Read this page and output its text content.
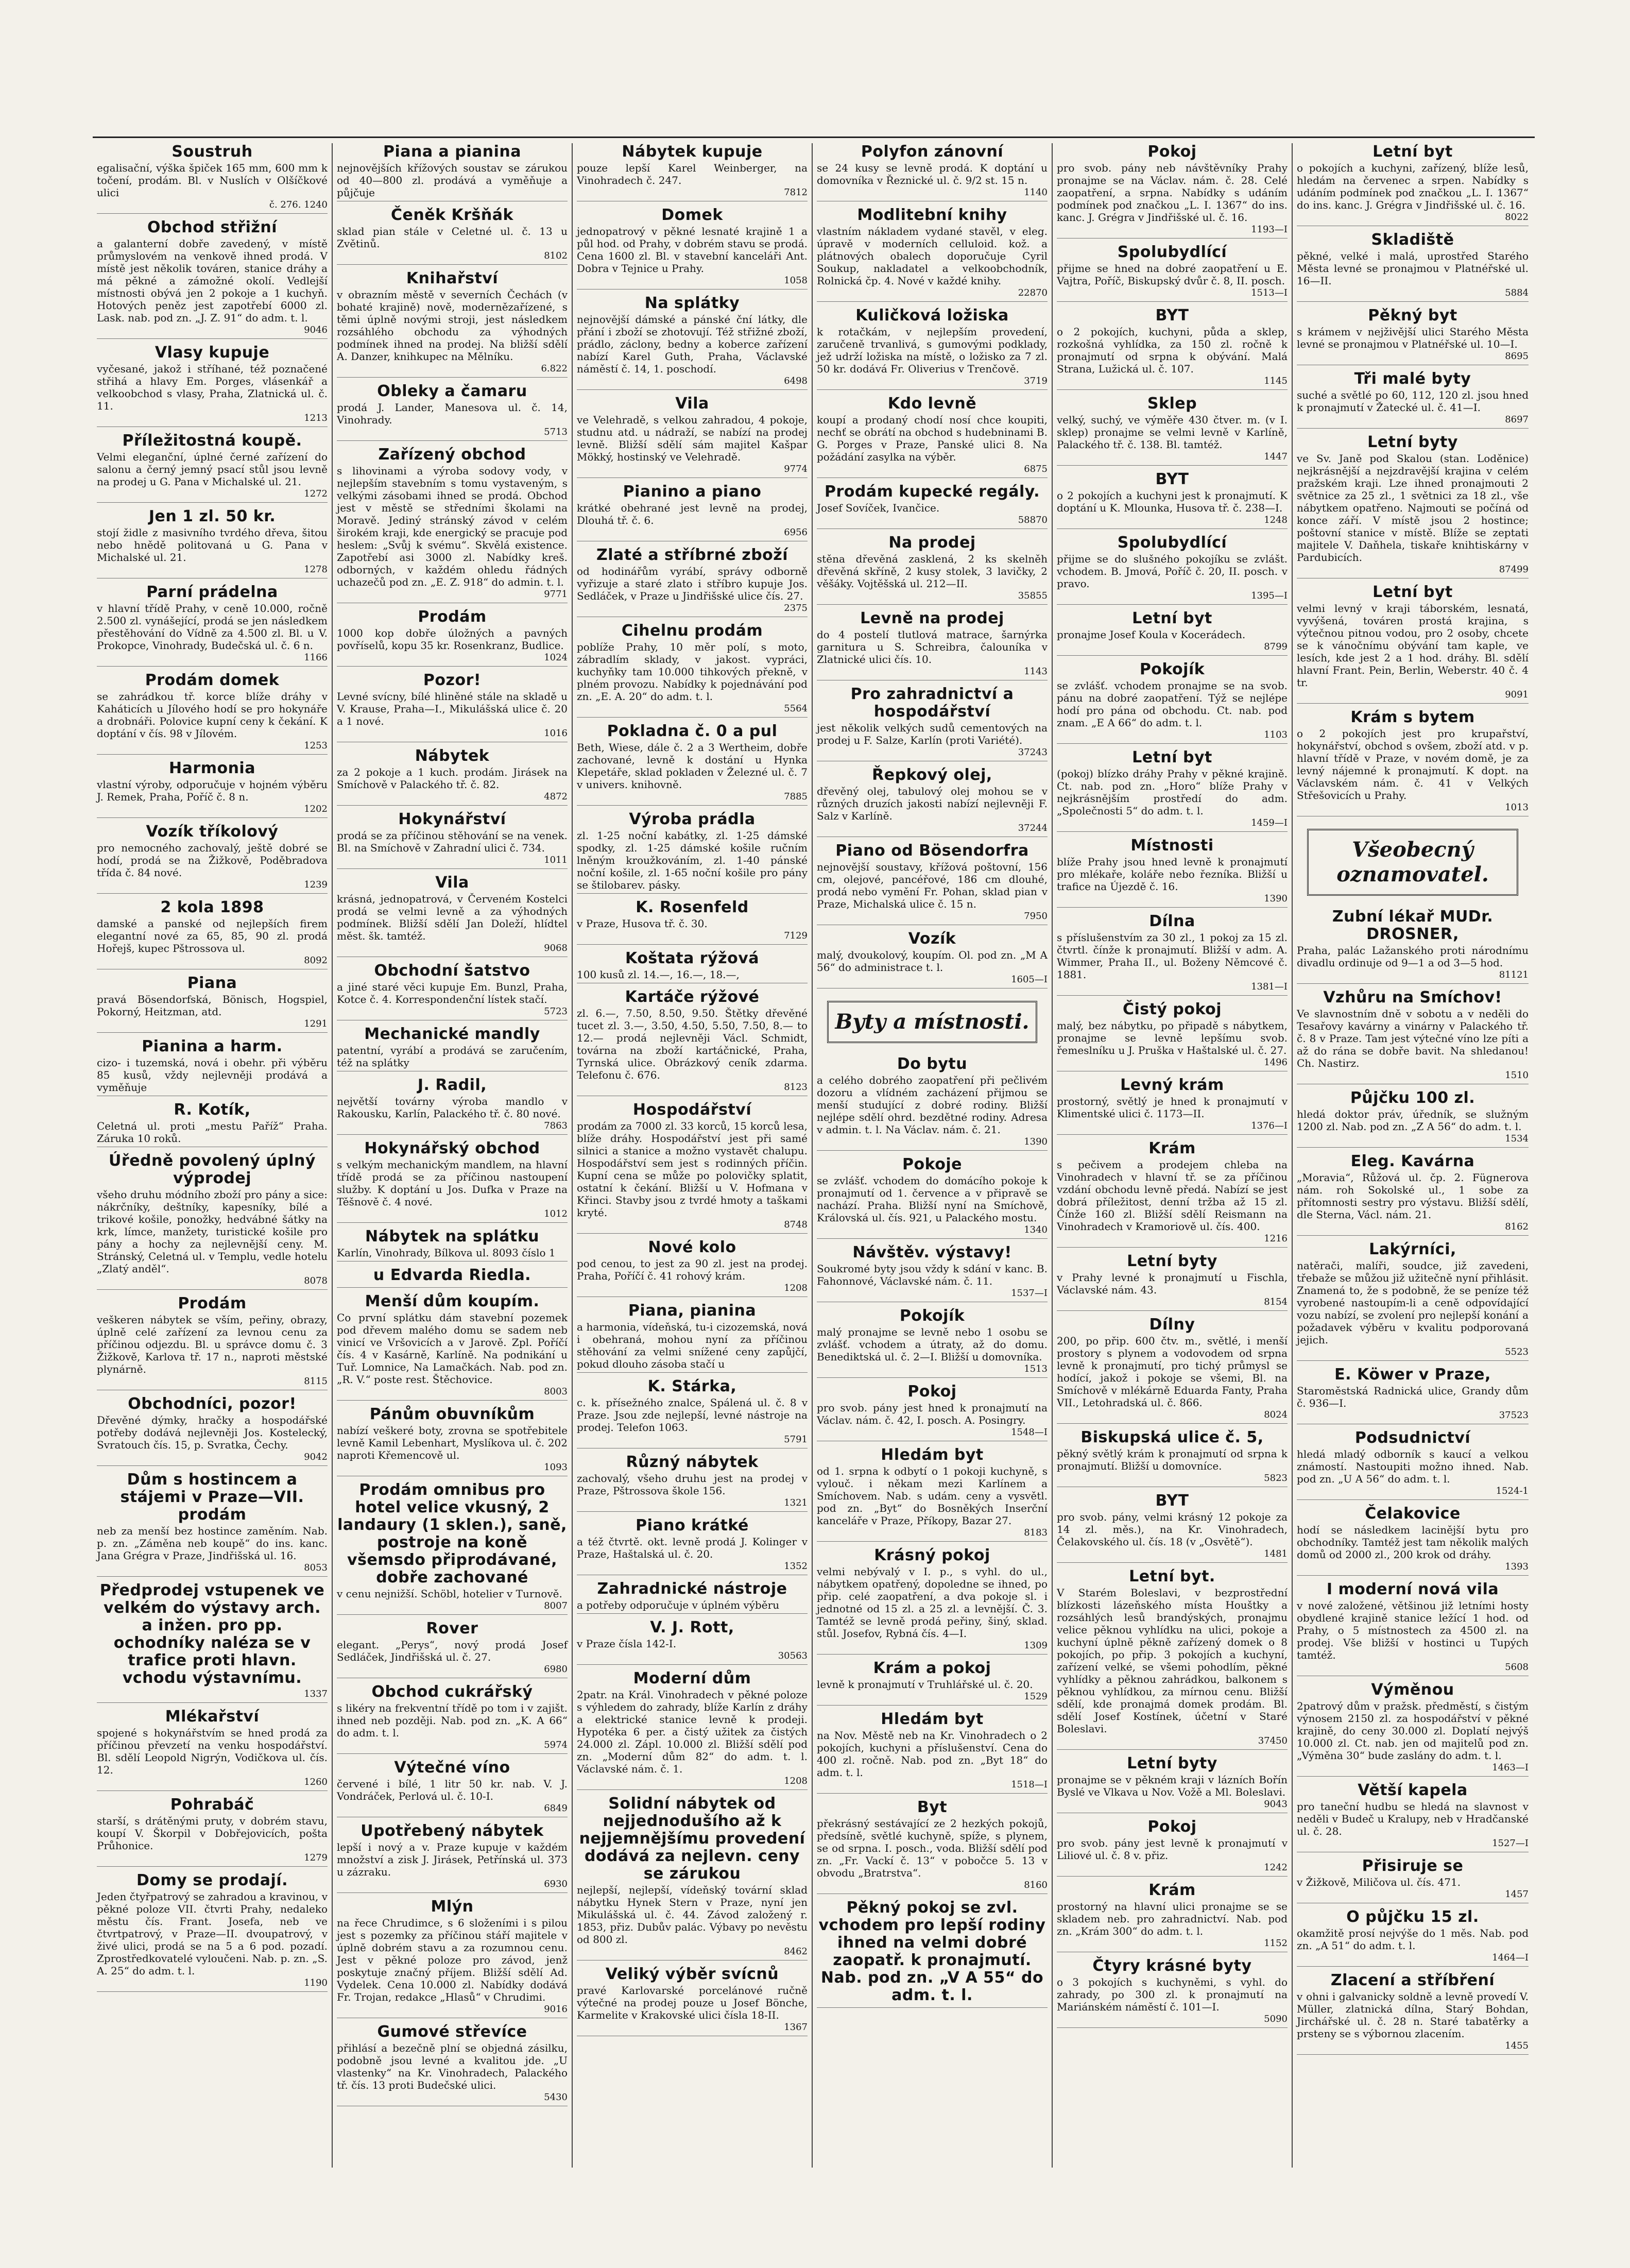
Soustruh

egalisační, výška špiček 165 mm, 600 mm k točení, prodám. Bl. v Nuslích v Olšíčkové ulici

č. 276. 1240
Obchod střižní

a galanterní dobře zavedený, v místě průmyslovém na venkově ihned prodá. V místě jest několik továren, stanice dráhy a má pěkné a zámožné okolí. Vedlejší místnosti obývá jen 2 pokoje a 1 kuchyň. Hotových peněz jest zapotřebí 6000 zl. Lask. nab. pod zn. „J. Z. 91“ do adm. t. l.

9046
Vlasy kupuje

vyčesané, jakož i stříhané, též poznačené střihá a hlavy Em. Porges, vlásenkář a velkoobchod s vlasy, Praha, Zlatnická ul. č. 11.

1213
Příležitostná koupě.

Velmi eleganční, úplné černé zařízení do salonu a černý jemný psací stůl jsou levně na prodej u G. Pana v Michalské ul. 21.

1272
Jen 1 zl. 50 kr.

stojí židle z masivního tvrdého dřeva, šitou nebo hnědě politovaná u G. Pana v Michalské ul. 21.

1278
Parní prádelna

v hlavní třídě Prahy, v ceně 10.000, ročně 2.500 zl. vynášející, prodá se jen následkem přestěhování do Vídně za 4.500 zl. Bl. u V. Prokopce, Vinohrady, Budečská ul. č. 6 n.

1166
Prodám domek

se zahrádkou tř. korce blíže dráhy v Kaháticích u Jílového hodí se pro hokynáře a drobnáři. Polovice kupní ceny k čekání. K doptání v čís. 98 v Jílovém.

1253
Harmonia

vlastní výroby, odporučuje v hojném výběru J. Remek, Praha, Poříč č. 8 n.

1202
Vozík tříkolový

pro nemocného zachovalý, ještě dobré se hodí, prodá se na Žižkově, Poděbradova třída č. 84 nové.

1239
2 kola 1898

damské a panské od nejlepších firem elegantní nové za 65, 85, 90 zl. prodá Hořejš, kupec Pštrossova ul.

8092
Piana

pravá Bösendorfská, Bönisch, Hogspiel, Pokorný, Heitzman, atd.

1291
Pianina a harm.

cizo- i tuzemská, nová i obehr. při výběru 85 kusů, vždy nejlevněji prodává a vyměňuje

R. Kotík,

Celetná ul. proti „mestu Paříž“ Praha. Záruka 10 roků.

Úředně povolený úplný výprodej

všeho druhu módního zboží pro pány a sice: nákrčníky, deštníky, kapesníky, bílé a trikové košile, ponožky, hedvábné šátky na krk, límce, manžety, turistické košile pro pány a hochy za nejlevnější ceny. M. Stránský, Celetná ul. v Templu, vedle hotelu „Zlatý anděl“.

8078
Prodám

veškeren nábytek se vším, peřiny, obrazy, úplně celé zařízení za levnou cenu za příčinou odjezdu. Bl. u správce domu č. 3 Žižkově, Karlova tř. 17 n., naproti městské plynárně.

8115
Obchodníci, pozor!

Dřevěné dýmky, hračky a hospodářské potřeby dodává nejlevněji Jos. Kostelecký, Svratouch čís. 15, p. Svratka, Čechy.

9042
Dům s hostincem a stájemi v Praze—VII. prodám

neb za menší bez hostince zaměním. Nab. p. zn. „Záměna neb koupě“ do ins. kanc. Jana Grégra v Praze, Jindřišská ul. 16.

8053
Předprodej vstupenek ve velkém do výstavy arch. a inžen. pro pp. ochodníky naléza se v trafice proti hlavn. vchodu výstavnímu.
1337
Mlékařství

spojené s hokynářstvím se hned prodá za příčinou převzetí na venku hospodářství. Bl. sdělí Leopold Nigrýn, Vodičkova ul. čís. 12.

1260
Pohrabáč

starší, s drátěnými pruty, v dobrém stavu, koupí V. Škorpil v Dobřejovicích, pošta Průhonice.

1279
Domy se prodají.

Jeden čtyřpatrový se zahradou a kravinou, v pěkné poloze VII. čtvrti Prahy, nedaleko městu čís. Frant. Josefa, neb ve čtvrtpatrový, v Praze—II. dvoupatrový, v živé ulici, prodá se na 5 a 6 pod. pozadí. Zprostředkovatelé vyloučeni. Nab. p. zn. „S. A. 25“ do adm. t. l.

1190
Piana a pianina

nejnovějších křížových soustav se zárukou od 40—800 zl. prodává a vyměňuje a půjčuje

Čeněk Kršňák

sklad pian stále v Celetné ul. č. 13 u Zvětinů.

8102
Knihařství

v obrazním městě v severních Čechách (v bohaté krajině) nově, modernězařízené, s těmi úplně novými stroji, jest následkem rozsáhlého obchodu za výhodných podmínek ihned na prodej. Na bližší sdělí A. Danzer, knihkupec na Mělníku.

6.822
Obleky a čamaru

prodá J. Lander, Manesova ul. č. 14, Vinohrady.

5713
Zařízený obchod

s lihovinami a výroba sodovy vody, v nejlepším stavebním s tomu vystaveným, s velkými zásobami ihned se prodá. Obchod jest v městě se středními školami na Moravě. Jediný stránský závod v celém širokém kraji, kde energický se pracuje pod heslem: „Svůj k svému“. Skvělá existence. Zapotřebí asi 3000 zl. Nabídky kreš. odborných, v každém ohledu řádných uchazečů pod zn. „E. Z. 918“ do admin. t. l.

9771
Prodám

1000 kop dobře úložných a pavných povříselů, kopu 35 kr. Rosenkranz, Budlice.

1024
Pozor!

Levné svícny, bílé hliněné stále na skladě u V. Krause, Praha—I., Mikulášská ulice č. 20 a 1 nové.

1016
Nábytek

za 2 pokoje a 1 kuch. prodám. Jirásek na Smíchově v Palackého tř. č. 82.

4872
Hokynářství

prodá se za příčinou stěhování se na venek. Bl. na Smíchově v Zahradní ulici č. 734.

1011
Vila

krásná, jednopatrová, v Červeném Kostelci prodá se velmi levně a za výhodných podmínek. Bližší sdělí Jan Doleží, hlídtel měst. šk. tamtéž.

9068
Obchodní šatstvo

a jiné staré věci kupuje Em. Bunzl, Praha, Kotce č. 4. Korrespondenční lístek stačí.

5723
Mechanické mandly

patentní, vyrábí a prodává se zaručením, též na splátky

J. Radil,

největší továrny výroba mandlo v Rakousku, Karlín, Palackého tř. č. 80 nové.

7863
Hokynářský obchod

s velkým mechanickým mandlem, na hlavní třídě prodá se za příčinou nastoupení služby. K doptání u Jos. Dufka v Praze na Těšnově č. 4 nové.

1012
Nábytek na splátku

Karlín, Vinohrady, Bílkova ul. 8093 číslo 1

u Edvarda Riedla.
Menší dům koupím.

Co první splátku dám stavební pozemek pod dřevem malého domu se sadem neb vinicí ve Vršovicích a v Jarově. Zpl. Poříčí čís. 4 v Kasárně, Karlíně. Na podnikání u Tuř. Lomnice, Na Lamačkách. Nab. pod zn. „R. V.“ poste rest. Štěchovice.

8003
Pánům obuvníkům

nabízí veškeré boty, zrovna se spotřebitele levně Kamil Lebenhart, Myslíkova ul. č. 202 naproti Křemencově ul.

1093
Prodám omnibus pro hotel velice vkusný, 2 landaury (1 sklen.), saně, postroje na koně všemsdo připrodávané, dobře zachované

v cenu nejnižší. Schöbl, hotelier v Turnově.

8007
Rover

elegant. „Perys“, nový prodá Josef Sedláček, Jindřišská ul. č. 27.

6980
Obchod cukrářský

s likéry na frekventní třídě po tom i v zajišt. ihned neb později. Nab. pod zn. „K. A 66“ do adm. t. l.

5974
Výtečné víno

červené i bílé, 1 litr 50 kr. nab. V. J. Vondráček, Perlová ul. č. 10-I.

6849
Upotřebený nábytek

lepší i nový a v. Praze kupuje v každém množství a zisk J. Jirásek, Petřínská ul. 373 u zázraku.

6930
Mlýn

na řece Chrudimce, s 6 složeními i s pilou jest s pozemky za příčinou stáří majitele v úplně dobrém stavu a za rozumnou cenu. Jest v pěkné poloze pro závod, jenž poskytuje značný příjem. Bližší sdělí Ad. Vydelek. Cena 10.000 zl. Nabídky dodává Fr. Trojan, redakce „Hlasů“ v Chrudimi.

9016
Gumové střevíce

přihlásí a bezečně plní se objedná zásilku, podobně jsou levné a kvalitou jde. „U vlastenky“ na Kr. Vinohradech, Palackého tř. čís. 13 proti Budečské ulici.

5430
Nábytek kupuje

pouze lepší Karel Weinberger, na Vinohradech č. 247.

7812
Domek

jednopatrový v pěkné lesnaté krajině 1 a půl hod. od Prahy, v dobrém stavu se prodá. Cena 1600 zl. Bl. v stavební kanceláři Ant. Dobra v Tejnice u Prahy.

1058
Na splátky

nejnovější dámské a pánské ční látky, dle přání i zboží se zhotovují. Též střižné zboží, prádlo, záclony, bedny a koberce zařízení nabízí Karel Guth, Praha, Václavské náměstí č. 14, 1. poschodí.

6498
Vila

ve Velehradě, s velkou zahradou, 4 pokoje, studnu atd. u nádraží, se nabízí na prodej levně. Bližší sdělí sám majitel Kašpar Mökký, hostinský ve Velehradě.

9774
Pianino a piano

krátké obehrané jest levně na prodej, Dlouhá tř. č. 6.

6956
Zlaté a stříbrné zboží

od hodinářům vyrábí, správy odborně vyřizuje a staré zlato i stříbro kupuje Jos. Sedláček, v Praze u Jindřišské ulice čís. 27.

2375
Cihelnu prodám

poblíže Prahy, 10 měr polí, s moto, zábradlím sklady, v jakost. vypráci, kuchyňky tam 10.000 tihkových překně, v plném provozu. Nabídky k pojednávání pod zn. „E. A. 20“ do adm. t. l.

5564
Pokladna č. 0 a pul

Beth, Wiese, dále č. 2 a 3 Wertheim, dobře zachované, levně k dostání u Hynka Klepetáře, sklad pokladen v Železné ul. č. 7 v univers. knihovně.

7885
Výroba prádla

zl. 1-25 noční kabátky, zl. 1-25 dámské spodky, zl. 1-25 dámské košile ručním lněným kroužkováním, zl. 1-40 pánské noční košile, zl. 1-65 noční košile pro pány se štilobarev. pásky.

K. Rosenfeld

v Praze, Husova tř. č. 30.

7129
Koštata rýžová

100 kusů zl. 14.—, 16.—, 18.—,

Kartáče rýžové

zl. 6.—, 7.50, 8.50, 9.50. Štětky dřevěné tucet zl. 3.—, 3.50, 4.50, 5.50, 7.50, 8.— to 12.— prodá nejlevněji Václ. Schmidt, továrna na zboží kartáčnické, Praha, Tyrnská ulice. Obrázkový ceník zdarma. Telefonu č. 676.

8123
Hospodářství

prodám za 7000 zl. 33 korců, 15 korců lesa, blíže dráhy. Hospodářství jest při samé silnici a stanice a možno vystavět chalupu. Hospodářství sem jest s rodinných příčin. Kupní cena se může po polovičky splatit, ostatní k čekání. Bližší u V. Hofmana v Křinci. Stavby jsou z tvrdé hmoty a taškami kryté.

8748
Nové kolo

pod cenou, to jest za 90 zl. jest na prodej. Praha, Poříčí č. 41 rohový krám.

1208
Piana, pianina

a harmonia, vídeňská, tu-i cizozemská, nová i obehraná, mohou nyní za příčinou stěhování za velmi snížené ceny zapůjčí, pokud dlouho zásoba stačí u

K. Stárka,

c. k. přísežného znalce, Spálená ul. č. 8 v Praze. Jsou zde nejlepší, levné nástroje na prodej. Telefon 1063.

5791
Různý nábytek

zachovalý, všeho druhu jest na prodej v Praze, Pštrossova škole 156.

1321
Piano krátké

a též čtvrtě. okt. levně prodá J. Kolinger v Praze, Haštalská ul. č. 20.

1352
Zahradnické nástroje

a potřeby odporučuje v úplném výběru

V. J. Rott,

v Praze čísla 142-I.

30563
Moderní dům

2patr. na Král. Vinohradech v pěkné poloze s výhledem do zahrady, blíže Karlín z dráhy a elektrické stanice levně k prodeji. Hypotéka 6 per. a čistý užitek za čistých 24.000 zl. Zápl. 10.000 zl. Bližší sdělí pod zn. „Moderní dům 82“ do adm. t. l. Václavské nám. č. 1.

1208
Solidní nábytek od nejjednodušího až k nejjemnějšímu provedení dodává za nejlevn. ceny se zárukou

nejlepší, nejlepší, vídeňský tovární sklad nábytku Hynek Stern v Praze, nyní jen Mikulášská ul. č. 44. Závod založený r. 1853, přiz. Dubův palác. Výbavy po nevěstu od 800 zl.

8462
Veliký výběr svícnů

pravé Karlovarské porcelánové ručně výtečné na prodej pouze u Josef Bönche, Karmelite v Krakovské ulici čísla 18-II.

1367
Polyfon zánovní

se 24 kusy se levně prodá. K doptání u domovníka v Řeznické ul. č. 9/2 st. 15 n.

1140
Modlitební knihy

vlastním nákladem vydané stavěl, v eleg. úpravě v moderních celluloid. kož. a plátnových obalech doporučuje Cyril Soukup, nakladatel a velkoobchodník, Rolnická čp. 4. Nové v každé knihy.

22870
Kuličková ložiska

k rotačkám, v nejlepším provedení, zaručeně trvanlivá, s gumovými podklady, jež udrží ložiska na místě, o ložisko za 7 zl. 50 kr. dodává Fr. Oliverius v Trenčově.

3719
Kdo levně

koupí a prodaný chodí nosí chce koupiti, nechť se obrátí na obchod s hudebninami B. G. Porges v Praze, Panské ulici 8. Na požádání zasylka na výběr.

6875
Prodám kupecké regály.

Josef Sovíček, Ivančice.

58870
Na prodej

stěna dřevěná zasklená, 2 ks skelněh dřevěná skříně, 2 kusy stolek, 3 lavičky, 2 věšáky. Vojtěšská ul. 212—II.

35855
Levně na prodej

do 4 postelí tlutlová matrace, šarnýrka garnitura u S. Schreibra, čalouníka v Zlatnické ulici čís. 10.

1143
Pro zahradnictví a hospodářství

jest několik velkých sudů cementových na prodej u F. Salze, Karlín (proti Variété).

37243
Řepkový olej,

dřevěný olej, tabulový olej mohou se v různých druzích jakosti nabízí nejlevněji F. Salz v Karlíně.

37244
Piano od Bösendorfra

nejnovější soustavy, křížová poštovní, 156 cm, olejové, pancéřové, 186 cm dlouhé, prodá nebo vymění Fr. Pohan, sklad pian v Praze, Michalská ulice č. 15 n.

7950
Vozík

malý, dvoukolový, koupím. Ol. pod zn. „M A 56“ do administrace t. l.

1605—I
Byty a místnosti.
Do bytu

a celého dobrého zaopatření při pečlivém dozoru a vlídném zacházení přijmou se menší studující z dobré rodiny. Bližší nejlépe sdělí ohrd. bezdětné rodiny. Adresa v admin. t. l. Na Václav. nám. č. 21.

1390
Pokoje

se zvlášť. vchodem do domácího pokoje k pronajmutí od 1. července a v připravě se nachází. Praha. Bližší nyní na Smíchově, Královská ul. čís. 921, u Palackého mostu.

1340
Návštěv. výstavy!

Soukromé byty jsou vždy k sdání v kanc. B. Fahonnové, Václavské nám. č. 11.

1537—I
Pokojík

malý pronajme se levně nebo 1 osobu se zvlášť. vchodem a útraty, až do domu. Benediktská ul. č. 2—I. Bližší u domovníka.

1513
Pokoj

pro svob. pány jest hned k pronajmutí na Václav. nám. č. 42, I. posch. A. Posingry.

1548—I
Hledám byt

od 1. srpna k odbytí o 1 pokoji kuchyně, s vylouč. i někam mezi Karlínem a Smíchovem. Nab. s udám. ceny a vysvětl. pod zn. „Byt“ do Bosněkých Inserční kanceláře v Praze, Příkopy, Bazar 27.

8183
Krásný pokoj

velmi nebývalý v I. p., s vyhl. do ul., nábytkem opatřený, dopoledne se ihned, po přip. celé zaopatření, a dva pokoje sl. i jednotné od 15 zl. a 25 zl. a levnější. Č. 3. Tamtéž se levně prodá peřiny, šiný, sklad. stůl. Josefov, Rybná čís. 4—I.

1309
Krám a pokoj

levně k pronajmutí v Truhlářské ul. č. 20.

1529
Hledám byt

na Nov. Městě neb na Kr. Vinohradech o 2 pokojích, kuchyni a příslušenství. Cena do 400 zl. ročně. Nab. pod zn. „Byt 18“ do adm. t. l.

1518—I
Byt

překrásný sestávající ze 2 hezkých pokojů, předsíně, světlé kuchyně, spíže, s plynem, se od srpna. I. posch., voda. Bližší sdělí pod zn. „Fr. Vackí č. 13“ v pobočce 5. 13 v obvodu „Bratrstva“.

8160
Pěkný pokoj se zvl. vchodem pro lepší rodiny ihned na velmi dobré zaopatř. k pronajmutí. Nab. pod zn. „V A 55“ do adm. t. l.
Pokoj

pro svob. pány neb návštěvníky Prahy pronajme se na Václav. nám. č. 28. Celé zaopatření, a srpna. Nabídky s udáním podmínek pod značkou „L. I. 1367“ do ins. kanc. J. Grégra v Jindřišské ul. č. 16.

1193—I
Spolubydlící

přijme se hned na dobré zaopatření u E. Vajtra, Poříč, Biskupský dvůr č. 8, II. posch.

1513—I
BYT

o 2 pokojích, kuchyni, půda a sklep, rozkošná vyhlídka, za 150 zl. ročně k pronajmutí od srpna k obývání. Malá Strana, Lužická ul. č. 107.

1145
Sklep

velký, suchý, ve výměře 430 čtver. m. (v I. sklep) pronajme se velmi levně v Karlíně, Palackého tř. č. 138. Bl. tamtéž.

1447
BYT

o 2 pokojích a kuchyni jest k pronajmutí. K doptání u K. Mlounka, Husova tř. č. 238—I.

1248
Spolubydlící

přijme se do slušného pokojíku se zvlášt. vchodem. B. Jmová, Poříč č. 20, II. posch. v pravo.

1395—I
Letní byt

pronajme Josef Koula v Kocerádech.

8799
Pokojík

se zvlášť. vchodem pronajme se na svob. pánu na dobré zaopatření. Týž se nejlépe hodí pro pána od obchodu. Ct. nab. pod znam. „E A 66“ do adm. t. l.

1103
Letní byt

(pokoj) blízko dráhy Prahy v pěkné krajině. Ct. nab. pod zn. „Horo“ blíže Prahy v nejkrásnějším prostředí do adm. „Společnosti 5“ do adm. t. l.

1459—I
Místnosti

blíže Prahy jsou hned levně k pronajmutí pro mlékaře, koláře nebo řezníka. Bližší u trafice na Újezdě č. 16.

1390
Dílna

s příslušenstvím za 30 zl., 1 pokoj za 15 zl. čtvrtl. čínže k pronajmutí. Bližší v adm. A. Wimmer, Praha II., ul. Boženy Němcové č. 1881.

1381—I
Čistý pokoj

malý, bez nábytku, po připadě s nábytkem, pronajme se levně lepšímu svob. řemeslníku u J. Pruška v Haštalské ul. č. 27.

1496
Levný krám

prostorný, světlý je hned k pronajmutí v Klimentské ulici č. 1173—II.

1376—I
Krám

s pečivem a prodejem chleba na Vinohradech v hlavní tř. se za příčinou vzdání obchodu levně předá. Nabízí se jest dobrá příležitost, denní tržba až 15 zl. Čínže 160 zl. Bližší sdělí Reismann na Vinohradech v Kramoriově ul. čís. 400.

1216
Letní byty

v Prahy levné k pronajmutí u Fischla, Václavské nám. 43.

8154
Dílny

200, po přip. 600 čtv. m., světlé, i menší prostory s plynem a vodovodem od srpna levně k pronajmutí, pro tichý průmysl se hodící, jakož i pokoje se všemi, Bl. na Smíchově v mlékárně Eduarda Fanty, Praha VII., Letohradská ul. č. 866.

8024
Biskupská ulice č. 5,

pěkný světlý krám k pronajmutí od srpna k pronajmutí. Bližší u domovníce.

5823
BYT

pro svob. pány, velmi krásný 12 pokoje za 14 zl. měs.), na Kr. Vinohradech, Čelakovského ul. čís. 18 (v „Osvětě“).

1481
Letní byt.

V Starém Boleslavi, v bezprostřední blízkosti lázeňského místa Houštky a rozsáhlých lesů brandýských, pronajmu velice pěknou vyhlídku na ulici, pokoje a kuchyní úplně pěkně zařízený domek o 8 pokojích, po přip. 3 pokojích a kuchyní, zařízení velké, se všemi pohodlím, pěkné vyhlídky a pěknou zahrádkou, balkonem s pěknou vyhlídkou, za mírnou cenu. Bližší sdělí, kde pronajmá domek prodám. Bl. sdělí Josef Kostínek, účetní v Staré Boleslavi.

37450
Letní byty

pronajme se v pěkném kraji v lázních Bořín Byslé ve Vlkava u Nov. Vožě a Ml. Boleslavi.

9043
Pokoj

pro svob. pány jest levně k pronajmutí v Liliové ul. č. 8 v. přiz.

1242
Krám

prostorný na hlavní ulici pronajme se se skladem neb. pro zahradnictví. Nab. pod zn. „Krám 300“ do adm. t. l.

1152
Čtyry krásné byty

o 3 pokojích s kuchyněmi, s vyhl. do zahrady, po 300 zl. k pronajmutí na Mariánském náměstí č. 101—I.

5090
Letní byt

o pokojích a kuchyni, zařízený, blíže lesů, hledám na červenec a srpen. Nabídky s udáním podmínek pod značkou „L. I. 1367“ do ins. kanc. J. Grégra v Jindřišské ul. č. 16.

8022
Skladiště

pěkné, velké i malá, uprostřed Starého Města levné se pronajmou v Platnéřské ul. 16—II.

5884
Pěkný byt

s krámem v nejživější ulici Starého Města levné se pronajmou v Platnéřské ul. 10—I.

8695
Tři malé byty

suché a světlé po 60, 112, 120 zl. jsou hned k pronajmutí v Žatecké ul. č. 41—I.

8697
Letní byty

ve Sv. Janě pod Skalou (stan. Loděnice) nejkrásnější a nejzdravější krajina v celém pražském kraji. Lze ihned pronajmouti 2 světnice za 25 zl., 1 světnici za 18 zl., vše nábytkem opatřeno. Najmouti se počíná od konce září. V místě jsou 2 hostince; poštovní stanice v místě. Blíže se zeptati majitele V. Daňhela, tiskaře knihtiskárny v Pardubicích.

87499
Letní byt

velmi levný v kraji táborském, lesnatá, vyvýšená, továren prostá krajina, s výtečnou pitnou vodou, pro 2 osoby, chcete se k vánočnímu obývání tam kaple, ve lesích, kde jest 2 a 1 hod. dráhy. Bl. sdělí hlavní Frant. Pein, Berlin, Weberstr. 40 č. 4 tr.

9091
Krám s bytem

o 2 pokojích jest pro krupařství, hokynářství, obchod s ovšem, zboží atd. v p. hlavní třídě v Praze, v novém domě, je za levný nájemné k pronajmutí. K dopt. na Václavském nám. č. 41 v Velkých Střešovicích u Prahy.

1013
Všeobecný oznamovatel.
Zubní lékař MUDr. DROSNER,

Praha, palác Lažanského proti národnímu divadlu ordinuje od 9—1 a od 3—5 hod.

81121
Vzhůru na Smíchov!

Ve slavnostním dně v sobotu a v neděli do Tesařovy kavárny a vinárny v Palackého tř. č. 8 v Praze. Tam jest výtečné víno lze píti a až do rána se dobře bavit. Na shledanou! Ch. Nastirz.

1510
Půjčku 100 zl.

hledá doktor práv, úředník, se služným 1200 zl. Nab. pod zn. „Z A 56“ do adm. t. l.

1534
Eleg. Kavárna

„Moravia“, Růžová ul. čp. 2. Fügnerova nám. roh Sokolské ul., 1 sobe za přítomnosti sestry pro výstavu. Bližší sdělí, dle Sterna, Václ. nám. 21.

8162
Lakýrníci,

natěrači, malíři, soudce, již zavedeni, třebaže se můžou již užitečně nyní přihlásit. Znamená to, že s podobně, že se peníze též vyrobené nastoupím-li a ceně odpovídající vozu nabízí, se zvolení pro nejlepší konání a požadavek výběru v kvalitu podporovaná jejich.

5523
E. Köwer v Praze,

Staroměstská Radnická ulice, Grandy dům č. 936—I.

37523
Podsudnictví

hledá mladý odborník s kaucí a velkou známostí. Nastoupiti možno ihned. Nab. pod zn. „U A 56“ do adm. t. l.

1524-1
Čelakovice

hodí se následkem lacinější bytu pro obchodníky. Tamtéž jest tam několik malých domů od 2000 zl., 200 krok od dráhy.

1393
I moderní nová vila

v nové založené, většinou již letními hosty obydlené krajině stanice ležící 1 hod. od Prahy, o 5 místnostech za 4500 zl. na prodej. Vše bližší v hostinci u Tupých tamtéž.

5608
Výměnou

2patrový dům v pražsk. předměstí, s čistým výnosem 2150 zl. za hospodářství v pěkné krajině, do ceny 30.000 zl. Doplatí nejvýš 10.000 zl. Ct. nab. jen od majitelů pod zn. „Výměna 30“ bude zaslány do adm. t. l.

1463—I
Větší kapela

pro taneční hudbu se hledá na slavnost v neděli v Budeč u Kralupy, neb v Hradčanské ul. č. 28.

1527—I
Přisiruje se

v Žižkově, Miličova ul. čís. 471.

1457
O půjčku 15 zl.

okamžitě prosí nejvýše do 1 měs. Nab. pod zn. „A 51“ do adm. t. l.

1464—I
Zlacení a stříbření

v ohni i galvanicky soldně a levně provedí V. Müller, zlatnická dílna, Starý Bohdan, Jirchářské ul. č. 28 n. Staré tabatěrky a prsteny se s výbornou zlacením.

1455
